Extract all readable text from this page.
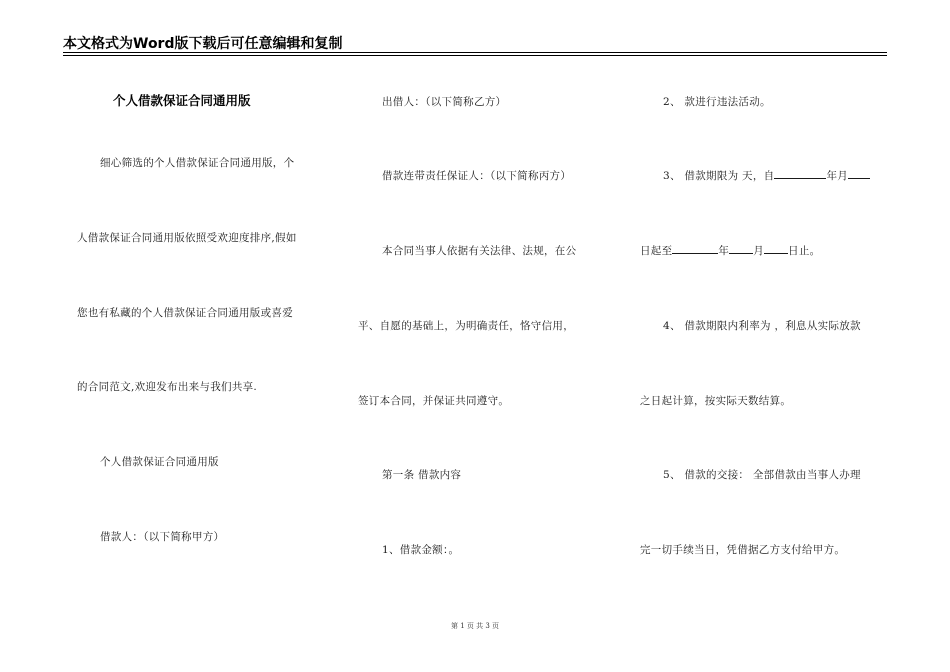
本文格式为Word版下载后可任意编辑和复制
个人借款保证合同通用版
细心筛选的个人借款保证合同通用版，个
人借款保证合同通用版依照受欢迎度排序,假如
您也有私藏的个人借款保证合同通用版或喜爱
的合同范文,欢迎发布出来与我们共享.
个人借款保证合同通用版
借款人：（以下简称甲方）
出借人：（以下简称乙方）
借款连带责任保证人：（以下简称丙方）
本合同当事人依据有关法律、法规，在公
平、自愿的基础上，为明确责任，恪守信用，
签订本合同，并保证共同遵守。
第一条 借款内容
1、借款金额：。
2、 款进行违法活动。
3、 借款期限为 天，自	年月
日起至	年 月 日止。
4、 借款期限内利率为 ，利息从实际放款
之日起计算，按实际天数结算。
5、 借款的交接： 全部借款由当事人办理
完一切手续当日，凭借据乙方支付给甲方。
第 1 页 共 3 页
